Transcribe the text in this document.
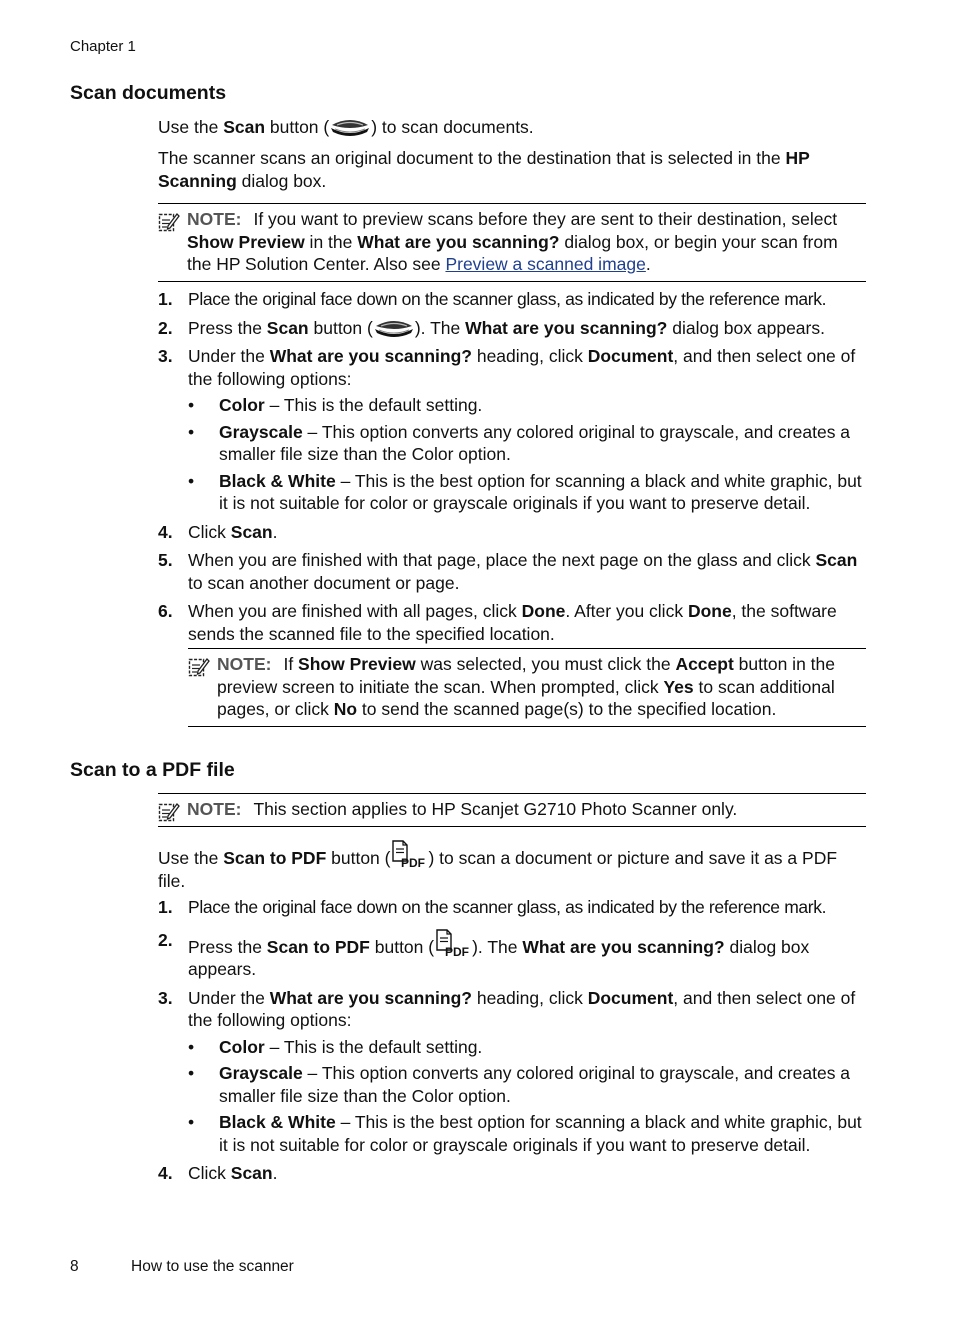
Chapter 1
Scan documents
Use the Scan button ( ) to scan documents.
The scanner scans an original document to the destination that is selected in the HP Scanning dialog box.
NOTE: If you want to preview scans before they are sent to their destination, select Show Preview in the What are you scanning? dialog box, or begin your scan from the HP Solution Center. Also see Preview a scanned image.
1. Place the original face down on the scanner glass, as indicated by the reference mark.
2. Press the Scan button ( ). The What are you scanning? dialog box appears.
3. Under the What are you scanning? heading, click Document, and then select one of the following options:
• Color – This is the default setting.
• Grayscale – This option converts any colored original to grayscale, and creates a smaller file size than the Color option.
• Black & White – This is the best option for scanning a black and white graphic, but it is not suitable for color or grayscale originals if you want to preserve detail.
4. Click Scan.
5. When you are finished with that page, place the next page on the glass and click Scan to scan another document or page.
6. When you are finished with all pages, click Done. After you click Done, the software sends the scanned file to the specified location.
NOTE: If Show Preview was selected, you must click the Accept button in the preview screen to initiate the scan. When prompted, click Yes to scan additional pages, or click No to send the scanned page(s) to the specified location.
Scan to a PDF file
NOTE: This section applies to HP Scanjet G2710 Photo Scanner only.
Use the Scan to PDF button ( PDF ) to scan a document or picture and save it as a PDF file.
1. Place the original face down on the scanner glass, as indicated by the reference mark.
2. Press the Scan to PDF button ( PDF ). The What are you scanning? dialog box appears.
3. Under the What are you scanning? heading, click Document, and then select one of the following options:
• Color – This is the default setting.
• Grayscale – This option converts any colored original to grayscale, and creates a smaller file size than the Color option.
• Black & White – This is the best option for scanning a black and white graphic, but it is not suitable for color or grayscale originals if you want to preserve detail.
4. Click Scan.
8	How to use the scanner
